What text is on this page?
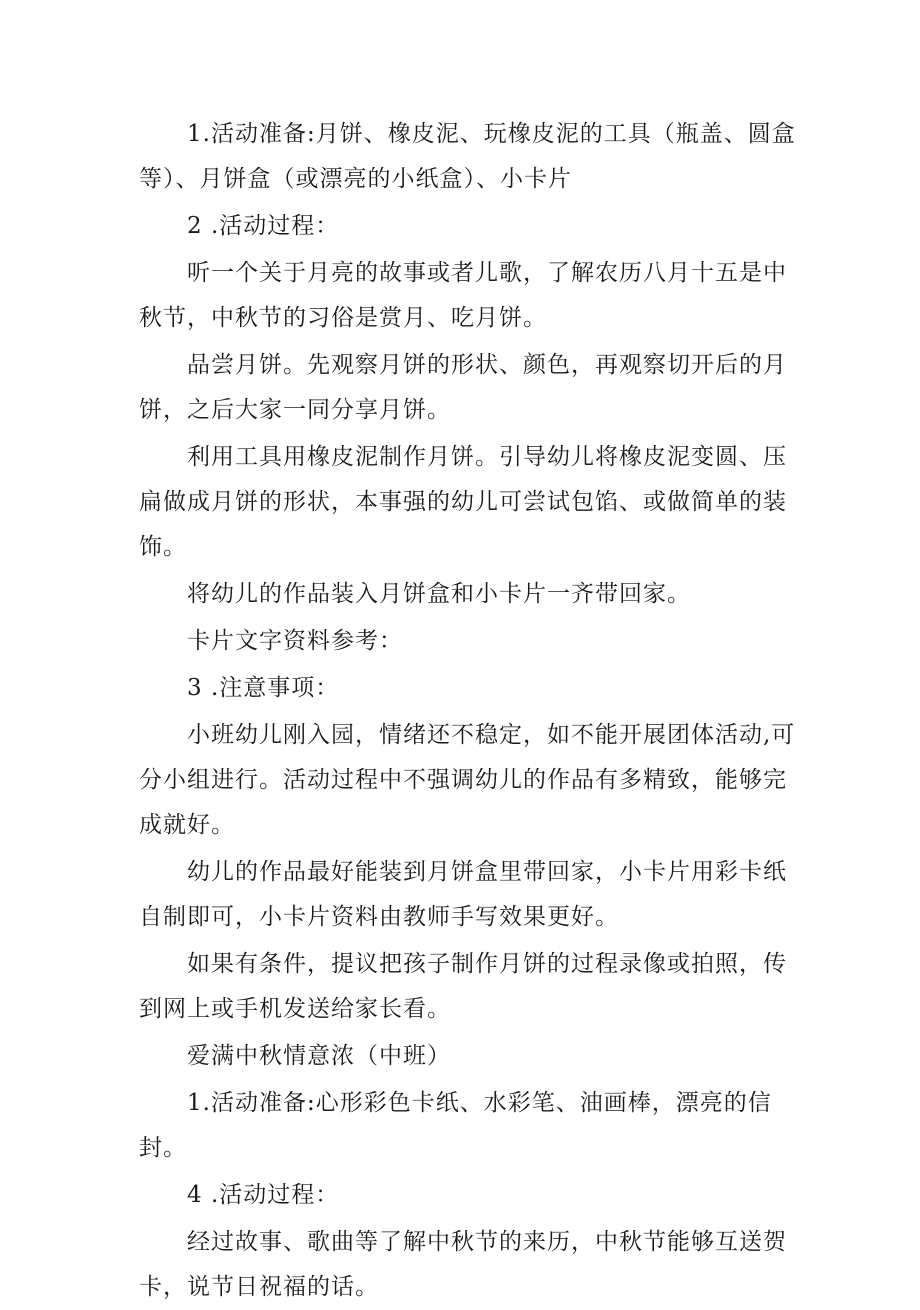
1.活动准备:月饼、橡皮泥、玩橡皮泥的工具（瓶盖、圆盒等）、月饼盒（或漂亮的小纸盒）、小卡片

2 .活动过程：

听一个关于月亮的故事或者儿歌，了解农历八月十五是中秋节，中秋节的习俗是赏月、吃月饼。

品尝月饼。先观察月饼的形状、颜色，再观察切开后的月饼，之后大家一同分享月饼。

利用工具用橡皮泥制作月饼。引导幼儿将橡皮泥变圆、压扁做成月饼的形状，本事强的幼儿可尝试包馅、或做简单的装饰。

将幼儿的作品装入月饼盒和小卡片一齐带回家。

卡片文字资料参考：

3 .注意事项：

小班幼儿刚入园，情绪还不稳定，如不能开展团体活动,可分小组进行。活动过程中不强调幼儿的作品有多精致，能够完成就好。

幼儿的作品最好能装到月饼盒里带回家，小卡片用彩卡纸自制即可，小卡片资料由教师手写效果更好。

如果有条件，提议把孩子制作月饼的过程录像或拍照，传到网上或手机发送给家长看。

爱满中秋情意浓（中班）

1.活动准备:心形彩色卡纸、水彩笔、油画棒，漂亮的信封。

4 .活动过程：

经过故事、歌曲等了解中秋节的来历，中秋节能够互送贺卡，说节日祝福的话。
